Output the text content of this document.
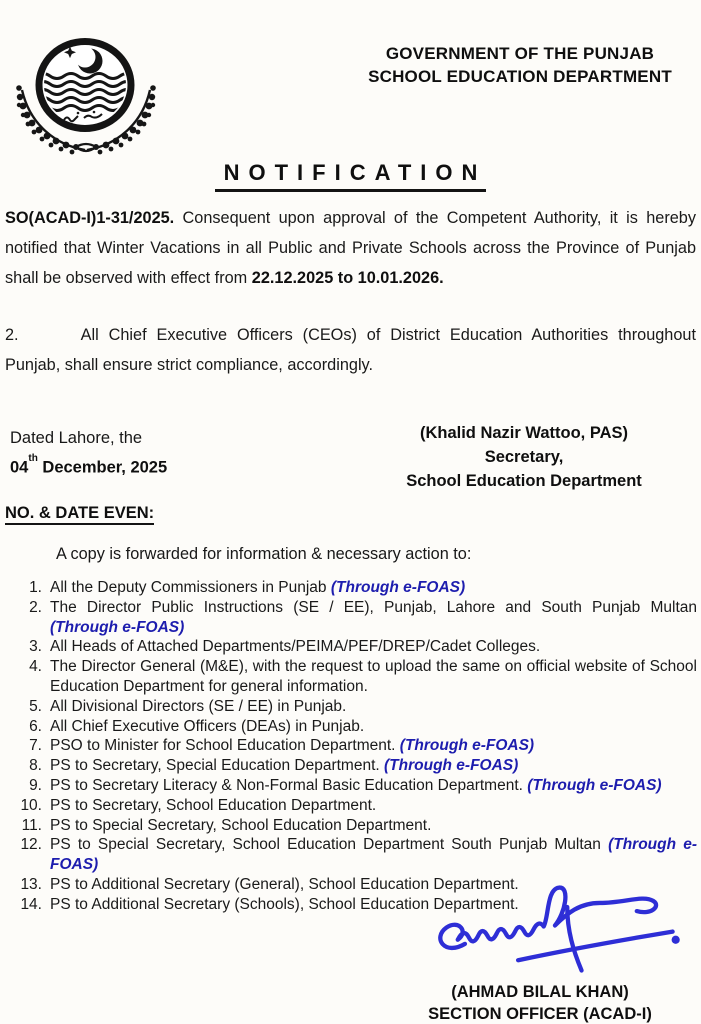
GOVERNMENT OF THE PUNJAB
SCHOOL EDUCATION DEPARTMENT
NOTIFICATION

SO(ACAD-I)1-31/2025. Consequent upon approval of the Competent Authority, it is hereby notified that Winter Vacations in all Public and Private Schools across the Province of Punjab shall be observed with effect from 22.12.2025 to 10.01.2026.

2.	All Chief Executive Officers (CEOs) of District Education Authorities throughout Punjab, shall ensure strict compliance, accordingly.

Dated Lahore, the
04th December, 2025
(Khalid Nazir Wattoo, PAS)
Secretary,
School Education Department
NO. & DATE EVEN:
A copy is forwarded for information & necessary action to:
1. All the Deputy Commissioners in Punjab (Through e-FOAS)
2. The Director Public Instructions (SE / EE), Punjab, Lahore and South Punjab Multan (Through e-FOAS)
3. All Heads of Attached Departments/PEIMA/PEF/DREP/Cadet Colleges.
4. The Director General (M&E), with the request to upload the same on official website of School Education Department for general information.
5. All Divisional Directors (SE / EE) in Punjab.
6. All Chief Executive Officers (DEAs) in Punjab.
7. PSO to Minister for School Education Department. (Through e-FOAS)
8. PS to Secretary, Special Education Department. (Through e-FOAS)
9. PS to Secretary Literacy & Non-Formal Basic Education Department. (Through e-FOAS)
10. PS to Secretary, School Education Department.
11. PS to Special Secretary, School Education Department.
12. PS to Special Secretary, School Education Department South Punjab Multan (Through e-FOAS)
13. PS to Additional Secretary (General), School Education Department.
14. PS to Additional Secretary (Schools), School Education Department.
(AHMAD BILAL KHAN)
SECTION OFFICER (ACAD-I)
